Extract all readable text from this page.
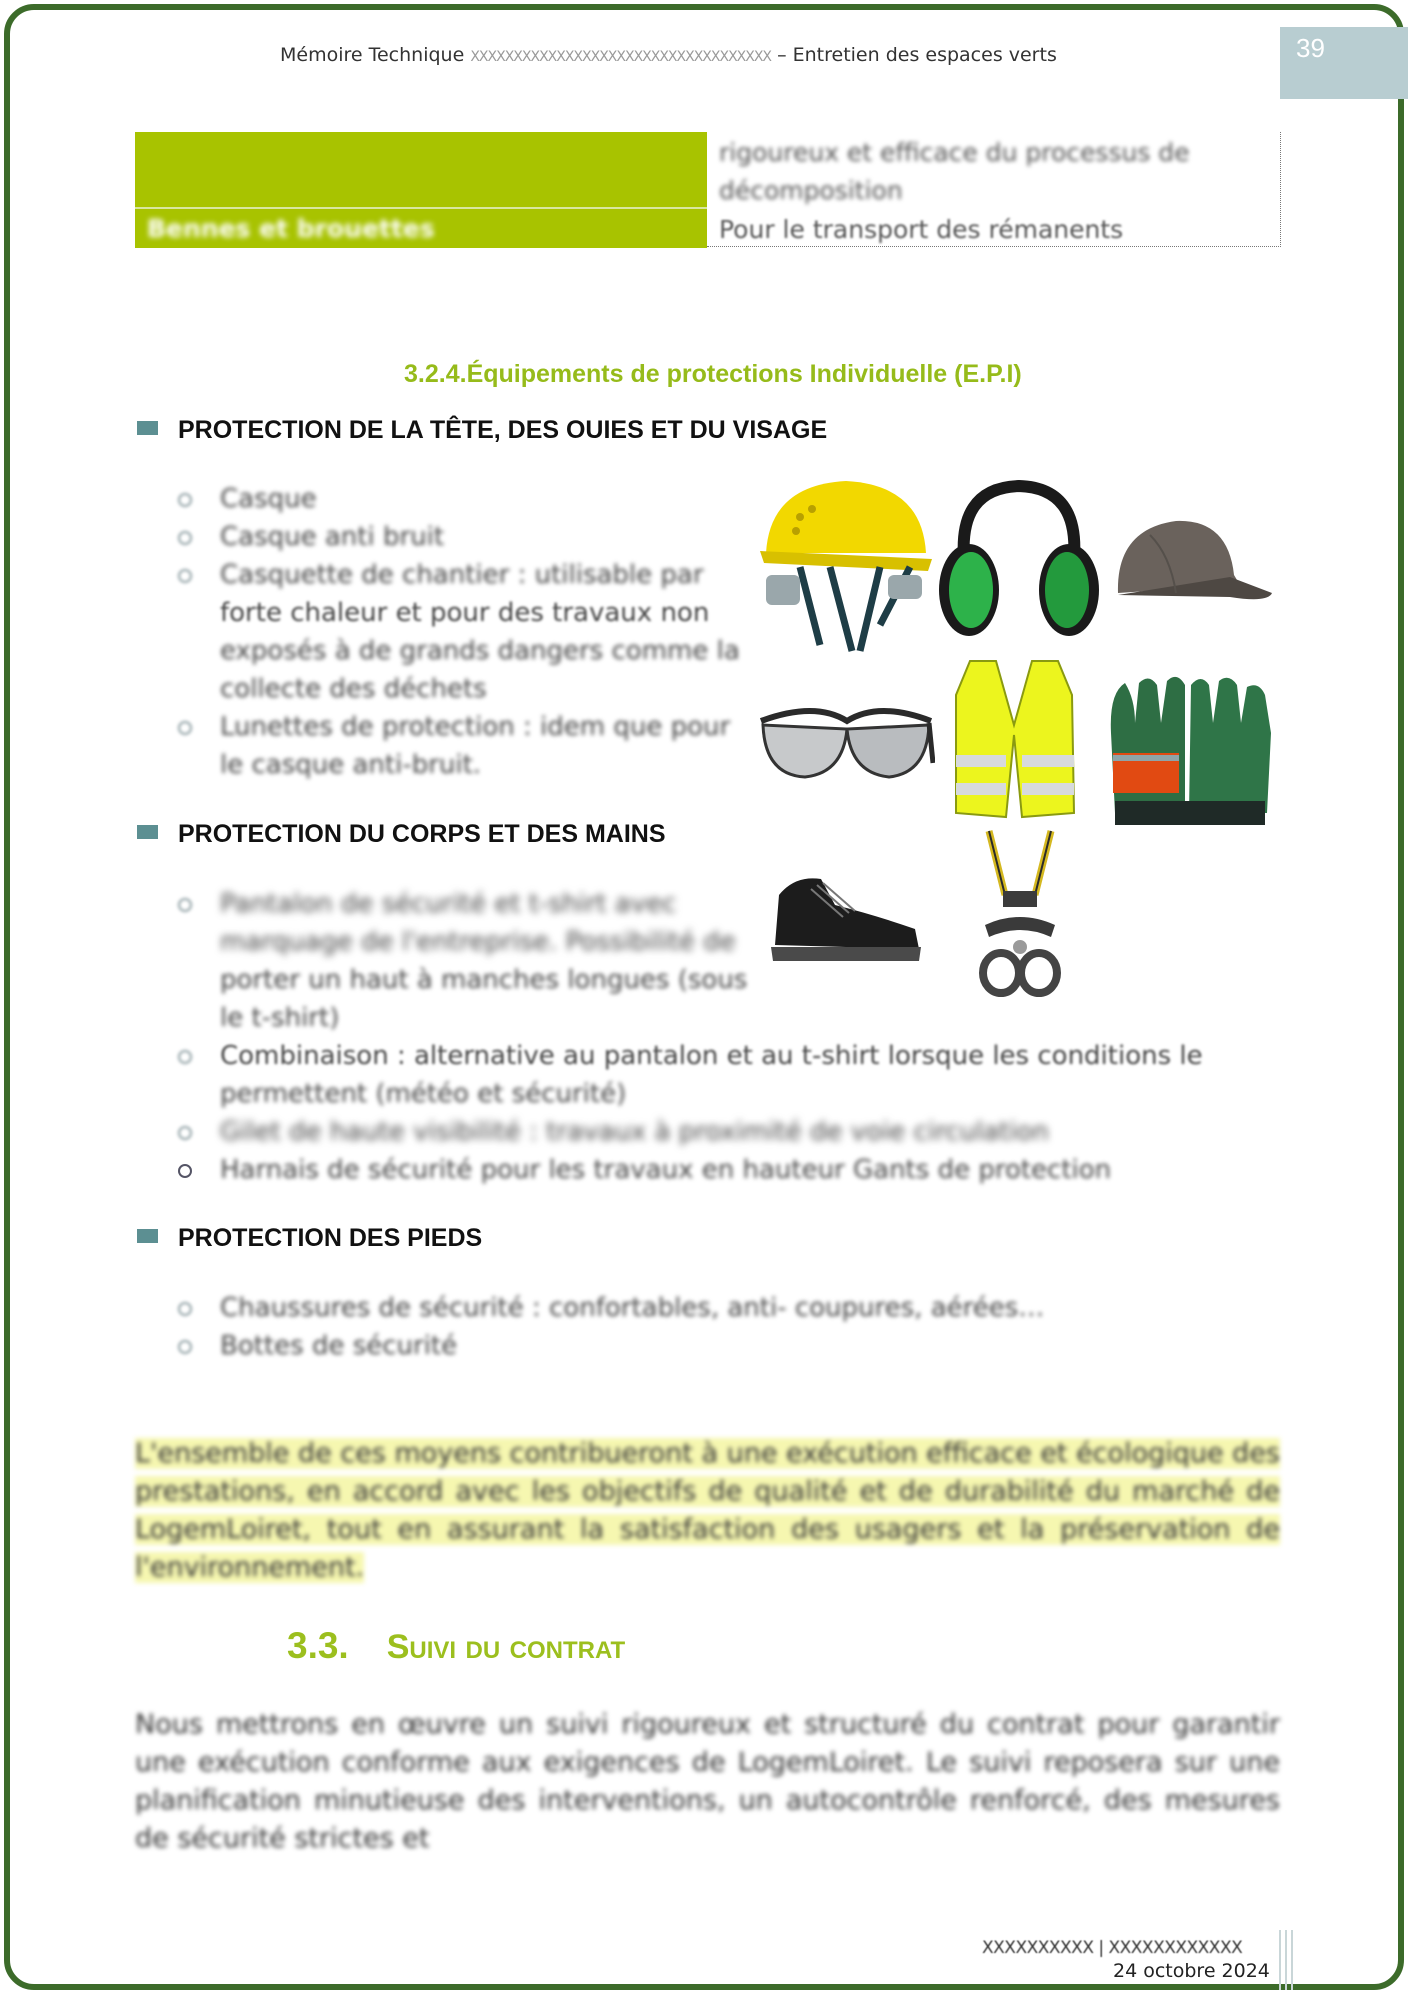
Mémoire Technique XXXXXXXXXXXXXXXXXXXXXXXXXXXXXXXXXXX – Entretien des espaces verts	39
Bennes et brouettes
rigoureux et efficace du processus de
décomposition
Pour le transport des rémanents
3.2.4.Équipements de protections Individuelle (E.P.I)
PROTECTION DE LA TÊTE, DES OUIES ET DU VISAGE
Casque
Casque anti bruit
Casquette de chantier : utilisable par
forte chaleur et pour des travaux non
exposés à de grands dangers comme la
collecte des déchets
Lunettes de protection : idem que pour
le casque anti-bruit.
PROTECTION DU CORPS ET DES MAINS
Pantalon de sécurité et t-shirt avec
marquage de l'entreprise. Possibilité de
porter un haut à manches longues (sous
le t-shirt)
Combinaison : alternative au pantalon et au t-shirt lorsque les conditions le
permettent (météo et sécurité)
Gilet de haute visibilité : travaux à proximité de voie circulation
Harnais de sécurité pour les travaux en hauteur Gants de protection
PROTECTION DES PIEDS
Chaussures de sécurité : confortables, anti- coupures, aérées…
Bottes de sécurité
L'ensemble de ces moyens contribueront à une exécution efficace et écologique des prestations, en accord avec les objectifs de qualité et de durabilité du marché de LogemLoiret, tout en assurant la satisfaction des usagers et la préservation de l'environnement.
3.3. Suivi du contrat
Nous mettrons en œuvre un suivi rigoureux et structuré du contrat pour garantir une exécution conforme aux exigences de LogemLoiret. Le suivi reposera sur une planification minutieuse des interventions, un autocontrôle renforcé, des mesures de sécurité strictes et
XXXXXXXXXX | XXXXXXXXXXXX
24 octobre 2024
